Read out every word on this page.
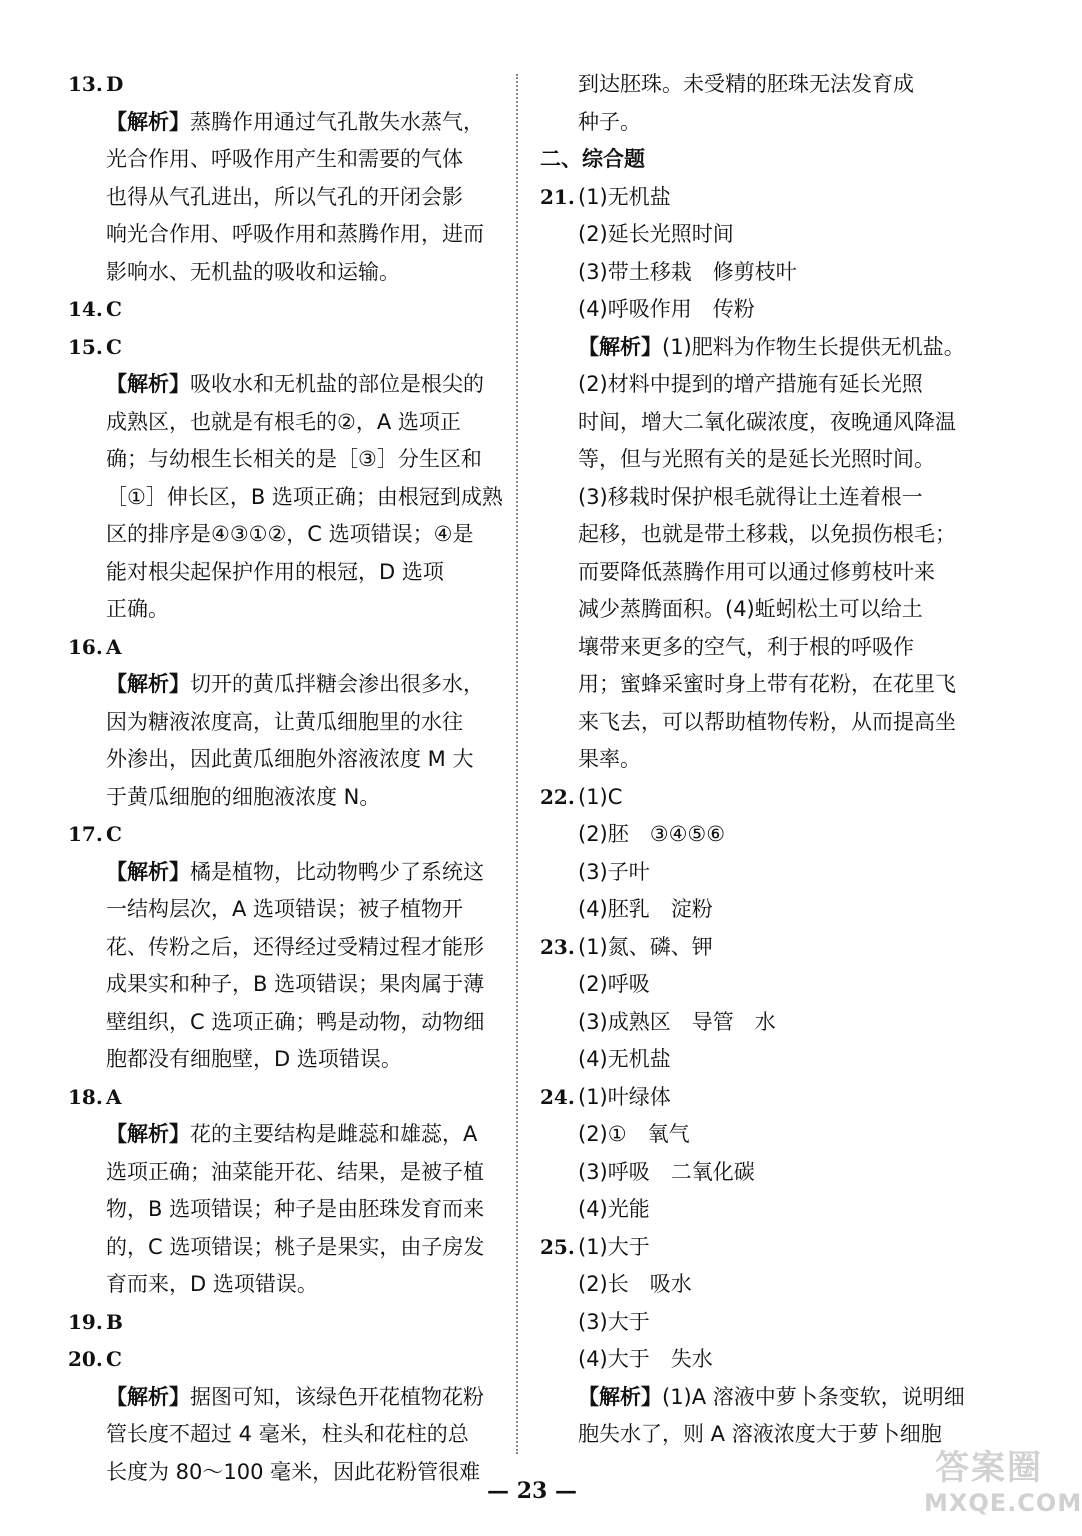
13. D
【解析】蒸腾作用通过气孔散失水蒸气，
光合作用、呼吸作用产生和需要的气体
也得从气孔进出，所以气孔的开闭会影
响光合作用、呼吸作用和蒸腾作用，进而
影响水、无机盐的吸收和运输。
14. C
15. C
【解析】吸收水和无机盐的部位是根尖的
成熟区，也就是有根毛的②，A 选项正
确；与幼根生长相关的是［③］分生区和
［①］伸长区，B 选项正确；由根冠到成熟
区的排序是④③①②，C 选项错误；④是
能对根尖起保护作用的根冠，D 选项
正确。
16. A
【解析】切开的黄瓜拌糖会渗出很多水，
因为糖液浓度高，让黄瓜细胞里的水往
外渗出，因此黄瓜细胞外溶液浓度 M 大
于黄瓜细胞的细胞液浓度 N。
17. C
【解析】橘是植物，比动物鸭少了系统这
一结构层次，A 选项错误；被子植物开
花、传粉之后，还得经过受精过程才能形
成果实和种子，B 选项错误；果肉属于薄
壁组织，C 选项正确；鸭是动物，动物细
胞都没有细胞壁，D 选项错误。
18. A
【解析】花的主要结构是雌蕊和雄蕊，A
选项正确；油菜能开花、结果，是被子植
物，B 选项错误；种子是由胚珠发育而来
的，C 选项错误；桃子是果实，由子房发
育而来，D 选项错误。
19. B
20. C
【解析】据图可知，该绿色开花植物花粉
管长度不超过 4 毫米，柱头和花柱的总
长度为 80～100 毫米，因此花粉管很难
到达胚珠。未受精的胚珠无法发育成
种子。
二、综合题
21. (1)无机盐
(2)延长光照时间
(3)带土移栽　修剪枝叶
(4)呼吸作用　传粉
【解析】(1)肥料为作物生长提供无机盐。
(2)材料中提到的增产措施有延长光照
时间，增大二氧化碳浓度，夜晚通风降温
等，但与光照有关的是延长光照时间。
(3)移栽时保护根毛就得让土连着根一
起移，也就是带土移栽，以免损伤根毛；
而要降低蒸腾作用可以通过修剪枝叶来
减少蒸腾面积。(4)蚯蚓松土可以给土
壤带来更多的空气，利于根的呼吸作
用；蜜蜂采蜜时身上带有花粉，在花里飞
来飞去，可以帮助植物传粉，从而提高坐
果率。
22. (1)C
(2)胚　③④⑤⑥
(3)子叶
(4)胚乳　淀粉
23. (1)氮、磷、钾
(2)呼吸
(3)成熟区　导管　水
(4)无机盐
24. (1)叶绿体
(2)①　氧气
(3)呼吸　二氧化碳
(4)光能
25. (1)大于
(2)长　吸水
(3)大于
(4)大于　失水
【解析】(1)A 溶液中萝卜条变软，说明细
胞失水了，则 A 溶液浓度大于萝卜细胞
— 23 —
答案圈
MXQE.COM
